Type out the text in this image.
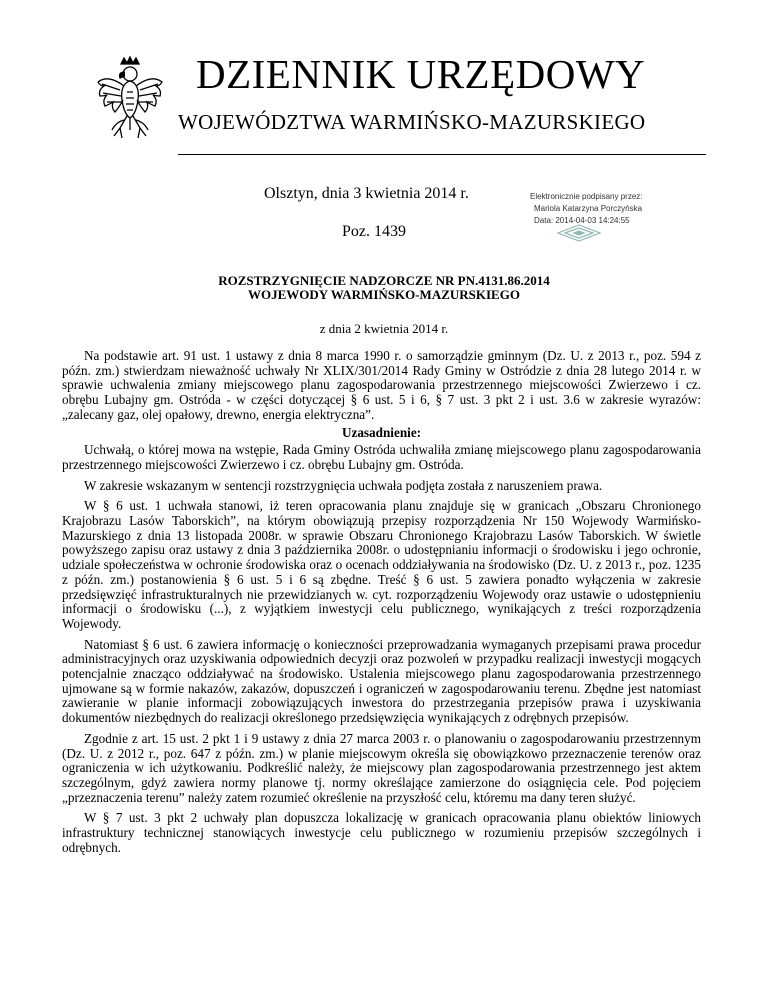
DZIENNIK URZĘDOWY
WOJEWÓDZTWA WARMIŃSKO-MAZURSKIEGO
Olsztyn, dnia 3 kwietnia 2014 r.
Poz. 1439
Elektronicznie podpisany przez:
Mariola Katarzyna Porczyńska
Data: 2014-04-03 14:24:55
ROZSTRZYGNIĘCIE NADZORCZE NR PN.4131.86.2014
WOJEWODY WARMIŃSKO-MAZURSKIEGO
z dnia 2 kwietnia 2014 r.

Na podstawie art. 91 ust. 1 ustawy z dnia 8 marca 1990 r. o samorządzie gminnym (Dz. U. z 2013 r., poz. 594 z późn. zm.) stwierdzam nieważność uchwały Nr XLIX/301/2014 Rady Gminy w Ostródzie z dnia 28 lutego 2014 r. w sprawie uchwalenia zmiany miejscowego planu zagospodarowania przestrzennego miejscowości Zwierzewo i cz. obrębu Lubajny gm. Ostróda - w części dotyczącej § 6 ust. 5 i 6, § 7 ust. 3 pkt 2 i ust. 3.6 w zakresie wyrazów: „zalecany gaz, olej opałowy, drewno, energia elektryczna”.

Uzasadnienie:

Uchwałą, o której mowa na wstępie, Rada Gminy Ostróda uchwaliła zmianę miejscowego planu zagospodarowania przestrzennego miejscowości Zwierzewo i cz. obrębu Lubajny gm. Ostróda.

W zakresie wskazanym w sentencji rozstrzygnięcia uchwała podjęta została z naruszeniem prawa.

W § 6 ust. 1 uchwała stanowi, iż teren opracowania planu znajduje się w granicach „Obszaru Chronionego Krajobrazu Lasów Taborskich”, na którym obowiązują przepisy rozporządzenia Nr 150 Wojewody Warmińsko- Mazurskiego z dnia 13 listopada 2008r. w sprawie Obszaru Chronionego Krajobrazu Lasów Taborskich. W świetle powyższego zapisu oraz ustawy z dnia 3 października 2008r. o udostępnianiu informacji o środowisku i jego ochronie, udziale społeczeństwa w ochronie środowiska oraz o ocenach oddziaływania na środowisko (Dz. U. z 2013 r., poz. 1235 z późn. zm.) postanowienia § 6 ust. 5 i 6 są zbędne. Treść § 6 ust. 5 zawiera ponadto wyłączenia w zakresie przedsięwzięć infrastrukturalnych nie przewidzianych w. cyt. rozporządzeniu Wojewody oraz ustawie o udostępnieniu informacji o środowisku (...), z wyjątkiem inwestycji celu publicznego, wynikających z treści rozporządzenia Wojewody.

Natomiast § 6 ust. 6 zawiera informację o konieczności przeprowadzania wymaganych przepisami prawa procedur administracyjnych oraz uzyskiwania odpowiednich decyzji oraz pozwoleń w przypadku realizacji inwestycji mogących potencjalnie znacząco oddziaływać na środowisko. Ustalenia miejscowego planu zagospodarowania przestrzennego ujmowane są w formie nakazów, zakazów, dopuszczeń i ograniczeń w zagospodarowaniu terenu. Zbędne jest natomiast zawieranie w planie informacji zobowiązujących inwestora do przestrzegania przepisów prawa i uzyskiwania dokumentów niezbędnych do realizacji określonego przedsięwzięcia wynikających z odrębnych przepisów.

Zgodnie z art. 15 ust. 2 pkt 1 i 9 ustawy z dnia 27 marca 2003 r. o planowaniu o zagospodarowaniu przestrzennym (Dz. U. z 2012 r., poz. 647 z późn. zm.) w planie miejscowym określa się obowiązkowo przeznaczenie terenów oraz ograniczenia w ich użytkowaniu. Podkreślić należy, że miejscowy plan zagospodarowania przestrzennego jest aktem szczególnym, gdyż zawiera normy planowe tj. normy określające zamierzone do osiągnięcia cele. Pod pojęciem „przeznaczenia terenu” należy zatem rozumieć określenie na przyszłość celu, któremu ma dany teren służyć.

W § 7 ust. 3 pkt 2 uchwały plan dopuszcza lokalizację w granicach opracowania planu obiektów liniowych infrastruktury technicznej stanowiących inwestycje celu publicznego w rozumieniu przepisów szczególnych i odrębnych.
